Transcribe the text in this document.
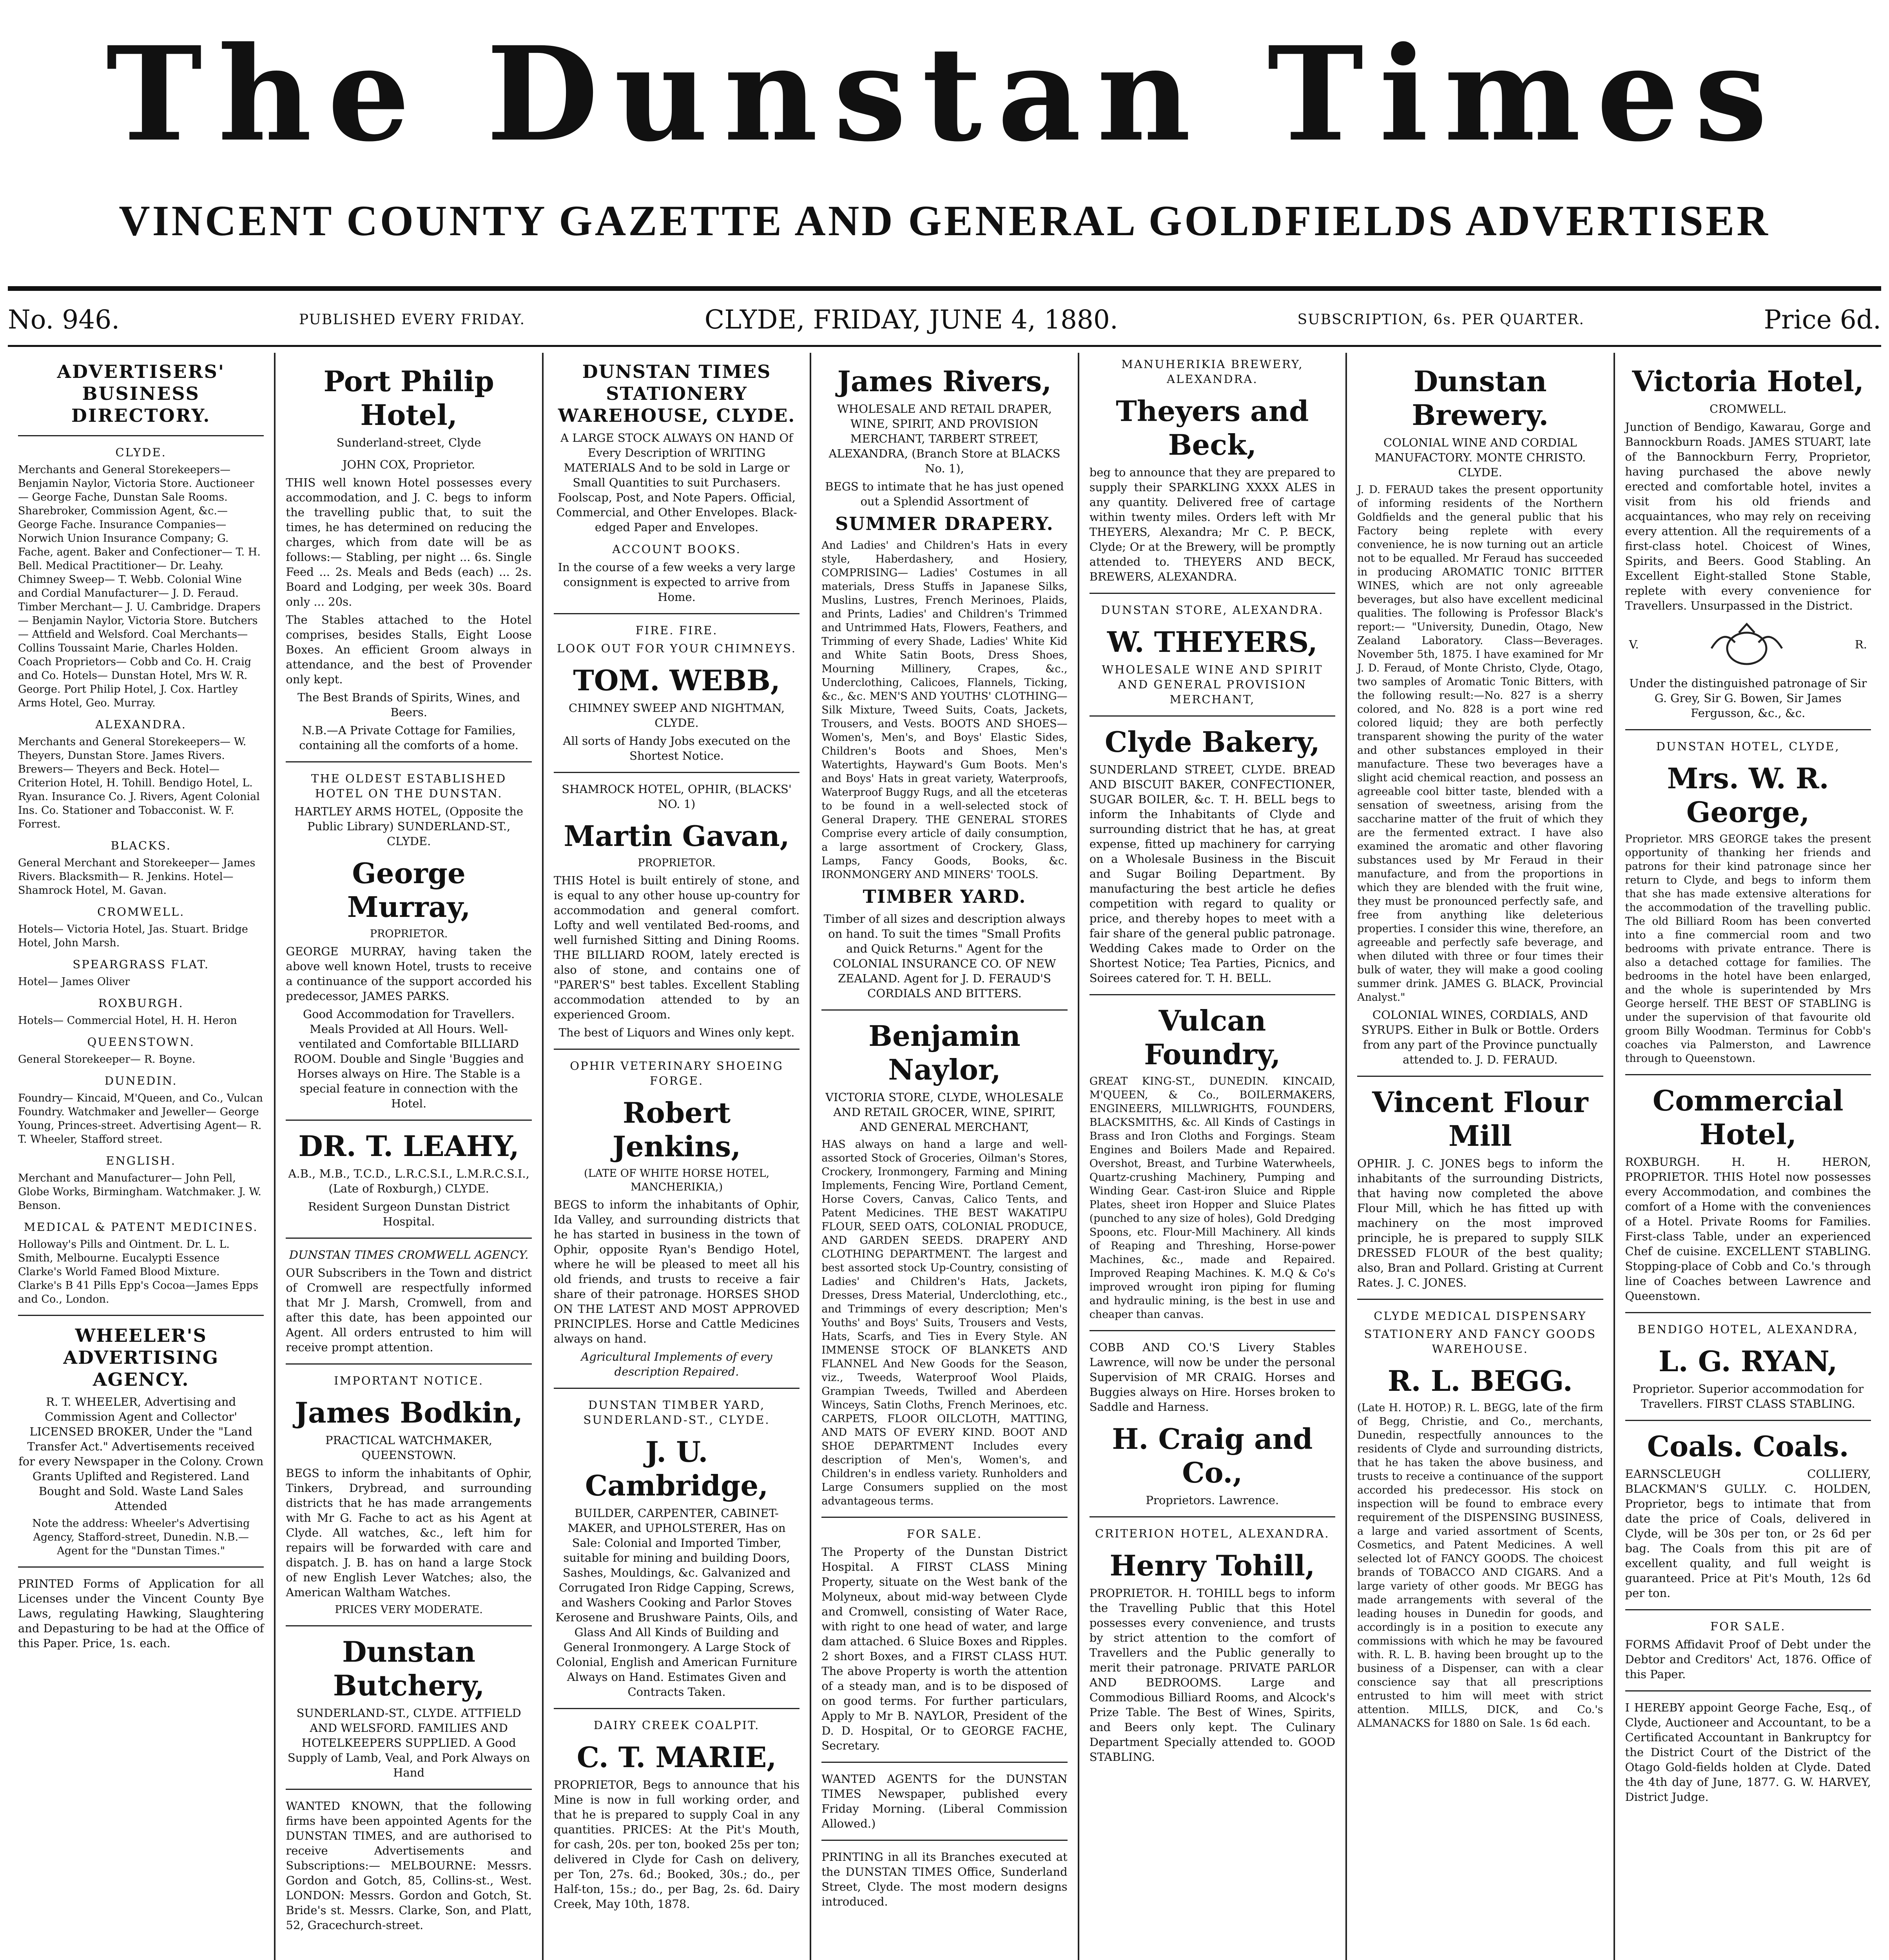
The Dunstan Times
VINCENT COUNTY GAZETTE AND GENERAL GOLDFIELDS ADVERTISER
No. 946.	PUBLISHED EVERY FRIDAY.	CLYDE, FRIDAY, JUNE 4, 1880.	SUBSCRIPTION, 6s. PER QUARTER.	Price 6d.
ADVERTISERS' BUSINESS DIRECTORY.
CLYDE.
Merchants and General Storekeepers— Benjamin Naylor, Victoria Store. Auctioneer— George Fache, Dunstan Sale Rooms. Sharebroker, Commission Agent, &c.— George Fache. Insurance Companies— Norwich Union Insurance Company; G. Fache, agent. Baker and Confectioner— T. H. Bell. Medical Practitioner— Dr. Leahy. Chimney Sweep— T. Webb. Colonial Wine and Cordial Manufacturer— J. D. Feraud. Timber Merchant— J. U. Cambridge. Drapers— Benjamin Naylor, Victoria Store. Butchers— Attfield and Welsford. Coal Merchants— Collins Toussaint Marie, Charles Holden. Coach Proprietors— Cobb and Co. H. Craig and Co. Hotels— Dunstan Hotel, Mrs W. R. George. Port Philip Hotel, J. Cox. Hartley Arms Hotel, Geo. Murray.
ALEXANDRA.
Merchants and General Storekeepers— W. Theyers, Dunstan Store. James Rivers. Brewers— Theyers and Beck. Hotel— Criterion Hotel, H. Tohill. Bendigo Hotel, L. Ryan. Insurance Co. J. Rivers, Agent Colonial Ins. Co. Stationer and Tobacconist. W. F. Forrest.
BLACKS.
General Merchant and Storekeeper— James Rivers. Blacksmith— R. Jenkins. Hotel— Shamrock Hotel, M. Gavan.
CROMWELL.
Hotels— Victoria Hotel, Jas. Stuart. Bridge Hotel, John Marsh.
SPEARGRASS FLAT.
Hotel— James Oliver
ROXBURGH.
Hotels— Commercial Hotel, H. H. Heron
QUEENSTOWN.
General Storekeeper— R. Boyne.
DUNEDIN.
Foundry— Kincaid, M'Queen, and Co., Vulcan Foundry. Watchmaker and Jeweller— George Young, Princes-street. Advertising Agent— R. T. Wheeler, Stafford street.
ENGLISH.
Merchant and Manufacturer— John Pell, Globe Works, Birmingham. Watchmaker. J. W. Benson.
MEDICAL & PATENT MEDICINES.
Holloway's Pills and Ointment. Dr. L. L. Smith, Melbourne. Eucalypti Essence Clarke's World Famed Blood Mixture. Clarke's B 41 Pills Epp's Cocoa—James Epps and Co., London.
WHEELER'S ADVERTISING AGENCY.
R. T. WHEELER, Advertising and Commission Agent and Collector' LICENSED BROKER, Under the "Land Transfer Act." Advertisements received for every Newspaper in the Colony. Crown Grants Uplifted and Registered. Land Bought and Sold. Waste Land Sales Attended
Note the address: Wheeler's Advertising Agency, Stafford-street, Dunedin. N.B.—Agent for the "Dunstan Times."
PRINTED Forms of Application for all Licenses under the Vincent County Bye Laws, regulating Hawking, Slaughtering and Depasturing to be had at the Office of this Paper. Price, 1s. each.
Port Philip Hotel,
Sunderland-street, Clyde
JOHN COX, Proprietor.
THIS well known Hotel possesses every accommodation, and J. C. begs to inform the travelling public that, to suit the times, he has determined on reducing the charges, which from date will be as follows:— Stabling, per night ... 6s. Single Feed ... 2s. Meals and Beds (each) ... 2s. Board and Lodging, per week 30s. Board only ... 20s.
The Stables attached to the Hotel comprises, besides Stalls, Eight Loose Boxes. An efficient Groom always in attendance, and the best of Provender only kept.
The Best Brands of Spirits, Wines, and Beers.
N.B.—A Private Cottage for Families, containing all the comforts of a home.
THE OLDEST ESTABLISHED HOTEL ON THE DUNSTAN.
HARTLEY ARMS HOTEL, (Opposite the Public Library) SUNDERLAND-ST., CLYDE.
George Murray,
PROPRIETOR.
GEORGE MURRAY, having taken the above well known Hotel, trusts to receive a continuance of the support accorded his predecessor, JAMES PARKS.
Good Accommodation for Travellers. Meals Provided at All Hours. Well-ventilated and Comfortable BILLIARD ROOM. Double and Single 'Buggies and Horses always on Hire. The Stable is a special feature in connection with the Hotel.
DR. T. LEAHY,
A.B., M.B., T.C.D., L.R.C.S.I., L.M.R.C.S.I., (Late of Roxburgh,) CLYDE.
Resident Surgeon Dunstan District Hospital.
DUNSTAN TIMES CROMWELL AGENCY.
OUR Subscribers in the Town and district of Cromwell are respectfully informed that Mr J. Marsh, Cromwell, from and after this date, has been appointed our Agent. All orders entrusted to him will receive prompt attention.
IMPORTANT NOTICE.
James Bodkin,
PRACTICAL WATCHMAKER, QUEENSTOWN.
BEGS to inform the inhabitants of Ophir, Tinkers, Drybread, and surrounding districts that he has made arrangements with Mr G. Fache to act as his Agent at Clyde. All watches, &c., left him for repairs will be forwarded with care and dispatch. J. B. has on hand a large Stock of new English Lever Watches; also, the American Waltham Watches.
PRICES VERY MODERATE.
Dunstan Butchery,
SUNDERLAND-ST., CLYDE. ATTFIELD AND WELSFORD. FAMILIES AND HOTELKEEPERS SUPPLIED. A Good Supply of Lamb, Veal, and Pork Always on Hand
WANTED KNOWN, that the following firms have been appointed Agents for the DUNSTAN TIMES, and are authorised to receive Advertisements and Subscriptions:— MELBOURNE: Messrs. Gordon and Gotch, 85, Collins-st., West. LONDON: Messrs. Gordon and Gotch, St. Bride's st. Messrs. Clarke, Son, and Platt, 52, Gracechurch-street.
DUNSTAN TIMES STATIONERY WAREHOUSE, CLYDE.
A LARGE STOCK ALWAYS ON HAND Of Every Description of WRITING MATERIALS And to be sold in Large or Small Quantities to suit Purchasers. Foolscap, Post, and Note Papers. Official, Commercial, and Other Envelopes. Black-edged Paper and Envelopes.
ACCOUNT BOOKS.
In the course of a few weeks a very large consignment is expected to arrive from Home.
FIRE. FIRE.
LOOK OUT FOR YOUR CHIMNEYS.
TOM. WEBB,
CHIMNEY SWEEP AND NIGHTMAN, CLYDE.
All sorts of Handy Jobs executed on the Shortest Notice.
SHAMROCK HOTEL, OPHIR, (BLACKS' NO. 1)
Martin Gavan,
PROPRIETOR.
THIS Hotel is built entirely of stone, and is equal to any other house up-country for accommodation and general comfort. Lofty and well ventilated Bed-rooms, and well furnished Sitting and Dining Rooms. THE BILLIARD ROOM, lately erected is also of stone, and contains one of "PARER'S" best tables. Excellent Stabling accommodation attended to by an experienced Groom.
The best of Liquors and Wines only kept.
OPHIR VETERINARY SHOEING FORGE.
Robert Jenkins,
(LATE OF WHITE HORSE HOTEL, MANCHERIKIA,)
BEGS to inform the inhabitants of Ophir, Ida Valley, and surrounding districts that he has started in business in the town of Ophir, opposite Ryan's Bendigo Hotel, where he will be pleased to meet all his old friends, and trusts to receive a fair share of their patronage. HORSES SHOD ON THE LATEST AND MOST APPROVED PRINCIPLES. Horse and Cattle Medicines always on hand.
Agricultural Implements of every description Repaired.
DUNSTAN TIMBER YARD, SUNDERLAND-ST., CLYDE.
J. U. Cambridge,
BUILDER, CARPENTER, CABINET-MAKER, and UPHOLSTERER, Has on Sale: Colonial and Imported Timber, suitable for mining and building Doors, Sashes, Mouldings, &c. Galvanized and Corrugated Iron Ridge Capping, Screws, and Washers Cooking and Parlor Stoves Kerosene and Brushware Paints, Oils, and Glass And All Kinds of Building and General Ironmongery. A Large Stock of Colonial, English and American Furniture Always on Hand. Estimates Given and Contracts Taken.
DAIRY CREEK COALPIT.
C. T. MARIE,
PROPRIETOR, Begs to announce that his Mine is now in full working order, and that he is prepared to supply Coal in any quantities. PRICES: At the Pit's Mouth, for cash, 20s. per ton, booked 25s per ton; delivered in Clyde for Cash on delivery, per Ton, 27s. 6d.; Booked, 30s.; do., per Half-ton, 15s.; do., per Bag, 2s. 6d. Dairy Creek, May 10th, 1878.
James Rivers,
WHOLESALE AND RETAIL DRAPER, WINE, SPIRIT, AND PROVISION MERCHANT, TARBERT STREET, ALEXANDRA, (Branch Store at BLACKS No. 1),
BEGS to intimate that he has just opened out a Splendid Assortment of
SUMMER DRAPERY.
And Ladies' and Children's Hats in every style, Haberdashery, and Hosiery, COMPRISING— Ladies' Costumes in all materials, Dress Stuffs in Japanese Silks, Muslins, Lustres, French Merinoes, Plaids, and Prints, Ladies' and Children's Trimmed and Untrimmed Hats, Flowers, Feathers, and Trimming of every Shade, Ladies' White Kid and White Satin Boots, Dress Shoes, Mourning Millinery, Crapes, &c., Underclothing, Calicoes, Flannels, Ticking, &c., &c. MEN'S AND YOUTHS' CLOTHING— Silk Mixture, Tweed Suits, Coats, Jackets, Trousers, and Vests. BOOTS AND SHOES— Women's, Men's, and Boys' Elastic Sides, Children's Boots and Shoes, Men's Watertights, Hayward's Gum Boots. Men's and Boys' Hats in great variety, Waterproofs, Waterproof Buggy Rugs, and all the etceteras to be found in a well-selected stock of General Drapery. THE GENERAL STORES Comprise every article of daily consumption, a large assortment of Crockery, Glass, Lamps, Fancy Goods, Books, &c. IRONMONGERY AND MINERS' TOOLS.
TIMBER YARD.
Timber of all sizes and description always on hand. To suit the times "Small Profits and Quick Returns." Agent for the COLONIAL INSURANCE CO. OF NEW ZEALAND. Agent for J. D. FERAUD'S CORDIALS AND BITTERS.
Benjamin Naylor,
VICTORIA STORE, CLYDE, WHOLESALE AND RETAIL GROCER, WINE, SPIRIT, AND GENERAL MERCHANT,
HAS always on hand a large and well-assorted Stock of Groceries, Oilman's Stores, Crockery, Ironmongery, Farming and Mining Implements, Fencing Wire, Portland Cement, Horse Covers, Canvas, Calico Tents, and Patent Medicines. THE BEST WAKATIPU FLOUR, SEED OATS, COLONIAL PRODUCE, AND GARDEN SEEDS. DRAPERY AND CLOTHING DEPARTMENT. The largest and best assorted stock Up-Country, consisting of Ladies' and Children's Hats, Jackets, Dresses, Dress Material, Underclothing, etc., and Trimmings of every description; Men's Youths' and Boys' Suits, Trousers and Vests, Hats, Scarfs, and Ties in Every Style. AN IMMENSE STOCK OF BLANKETS AND FLANNEL And New Goods for the Season, viz., Tweeds, Waterproof Wool Plaids, Grampian Tweeds, Twilled and Aberdeen Winceys, Satin Cloths, French Merinoes, etc. CARPETS, FLOOR OILCLOTH, MATTING, AND MATS OF EVERY KIND. BOOT AND SHOE DEPARTMENT Includes every description of Men's, Women's, and Children's in endless variety. Runholders and Large Consumers supplied on the most advantageous terms.
FOR SALE.
The Property of the Dunstan District Hospital. A FIRST CLASS Mining Property, situate on the West bank of the Molyneux, about mid-way between Clyde and Cromwell, consisting of Water Race, with right to one head of water, and large dam attached. 6 Sluice Boxes and Ripples. 2 short Boxes, and a FIRST CLASS HUT. The above Property is worth the attention of a steady man, and is to be disposed of on good terms. For further particulars, Apply to Mr B. NAYLOR, President of the D. D. Hospital, Or to GEORGE FACHE, Secretary.
WANTED AGENTS for the DUNSTAN TIMES Newspaper, published every Friday Morning. (Liberal Commission Allowed.)
PRINTING in all its Branches executed at the DUNSTAN TIMES Office, Sunderland Street, Clyde. The most modern designs introduced.
MANUHERIKIA BREWERY, ALEXANDRA.
Theyers and Beck,
beg to announce that they are prepared to supply their SPARKLING XXXX ALES in any quantity. Delivered free of cartage within twenty miles. Orders left with Mr THEYERS, Alexandra; Mr C. P. BECK, Clyde; Or at the Brewery, will be promptly attended to. THEYERS AND BECK, BREWERS, ALEXANDRA.
DUNSTAN STORE, ALEXANDRA.
W. THEYERS,
WHOLESALE WINE AND SPIRIT AND GENERAL PROVISION MERCHANT,
Clyde Bakery,
SUNDERLAND STREET, CLYDE. BREAD AND BISCUIT BAKER, CONFECTIONER, SUGAR BOILER, &c. T. H. BELL begs to inform the Inhabitants of Clyde and surrounding district that he has, at great expense, fitted up machinery for carrying on a Wholesale Business in the Biscuit and Sugar Boiling Department. By manufacturing the best article he defies competition with regard to quality or price, and thereby hopes to meet with a fair share of the general public patronage. Wedding Cakes made to Order on the Shortest Notice; Tea Parties, Picnics, and Soirees catered for. T. H. BELL.
Vulcan Foundry,
GREAT KING-ST., DUNEDIN. KINCAID, M'QUEEN, & Co., BOILERMAKERS, ENGINEERS, MILLWRIGHTS, FOUNDERS, BLACKSMITHS, &c. All Kinds of Castings in Brass and Iron Cloths and Forgings. Steam Engines and Boilers Made and Repaired. Overshot, Breast, and Turbine Waterwheels, Quartz-crushing Machinery, Pumping and Winding Gear. Cast-iron Sluice and Ripple Plates, sheet iron Hopper and Sluice Plates (punched to any size of holes), Gold Dredging Spoons, etc. Flour-Mill Machinery. All kinds of Reaping and Threshing, Horse-power Machines, &c., made and Repaired. Improved Reaping Machines. K. M.Q & Co's improved wrought iron piping for fluming and hydraulic mining, is the best in use and cheaper than canvas.
COBB AND CO.'S Livery Stables Lawrence, will now be under the personal Supervision of MR CRAIG. Horses and Buggies always on Hire. Horses broken to Saddle and Harness.
H. Craig and Co.,
Proprietors. Lawrence.
CRITERION HOTEL, ALEXANDRA.
Henry Tohill,
PROPRIETOR. H. TOHILL begs to inform the Travelling Public that this Hotel possesses every convenience, and trusts by strict attention to the comfort of Travellers and the Public generally to merit their patronage. PRIVATE PARLOR AND BEDROOMS. Large and Commodious Billiard Rooms, and Alcock's Prize Table. The Best of Wines, Spirits, and Beers only kept. The Culinary Department Specially attended to. GOOD STABLING.
Dunstan Brewery.
COLONIAL WINE AND CORDIAL MANUFACTORY. MONTE CHRISTO. CLYDE.
J. D. FERAUD takes the present opportunity of informing residents of the Northern Goldfields and the general public that his Factory being replete with every convenience, he is now turning out an article not to be equalled. Mr Feraud has succeeded in producing AROMATIC TONIC BITTER WINES, which are not only agreeable beverages, but also have excellent medicinal qualities. The following is Professor Black's report:— "University, Dunedin, Otago, New Zealand Laboratory. Class—Beverages. November 5th, 1875. I have examined for Mr J. D. Feraud, of Monte Christo, Clyde, Otago, two samples of Aromatic Tonic Bitters, with the following result:—No. 827 is a sherry colored, and No. 828 is a port wine red colored liquid; they are both perfectly transparent showing the purity of the water and other substances employed in their manufacture. These two beverages have a slight acid chemical reaction, and possess an agreeable cool bitter taste, blended with a sensation of sweetness, arising from the saccharine matter of the fruit of which they are the fermented extract. I have also examined the aromatic and other flavoring substances used by Mr Feraud in their manufacture, and from the proportions in which they are blended with the fruit wine, they must be pronounced perfectly safe, and free from anything like deleterious properties. I consider this wine, therefore, an agreeable and perfectly safe beverage, and when diluted with three or four times their bulk of water, they will make a good cooling summer drink. JAMES G. BLACK, Provincial Analyst."
COLONIAL WINES, CORDIALS, AND SYRUPS. Either in Bulk or Bottle. Orders from any part of the Province punctually attended to. J. D. FERAUD.
Vincent Flour Mill
OPHIR. J. C. JONES begs to inform the inhabitants of the surrounding Districts, that having now completed the above Flour Mill, which he has fitted up with machinery on the most improved principle, he is prepared to supply SILK DRESSED FLOUR of the best quality; also, Bran and Pollard. Gristing at Current Rates. J. C. JONES.
CLYDE MEDICAL DISPENSARY
STATIONERY AND FANCY GOODS WAREHOUSE.
R. L. BEGG.
(Late H. HOTOP.) R. L. BEGG, late of the firm of Begg, Christie, and Co., merchants, Dunedin, respectfully announces to the residents of Clyde and surrounding districts, that he has taken the above business, and trusts to receive a continuance of the support accorded his predecessor. His stock on inspection will be found to embrace every requirement of the DISPENSING BUSINESS, a large and varied assortment of Scents, Cosmetics, and Patent Medicines. A well selected lot of FANCY GOODS. The choicest brands of TOBACCO AND CIGARS. And a large variety of other goods. Mr BEGG has made arrangements with several of the leading houses in Dunedin for goods, and accordingly is in a position to execute any commissions with which he may be favoured with. R. L. B. having been brought up to the business of a Dispenser, can with a clear conscience say that all prescriptions entrusted to him will meet with strict attention. MILLS, DICK, and Co.'s ALMANACKS for 1880 on Sale. 1s 6d each.
Victoria Hotel,
CROMWELL.
Junction of Bendigo, Kawarau, Gorge and Bannockburn Roads. JAMES STUART, late of the Bannockburn Ferry, Proprietor, having purchased the above newly erected and comfortable hotel, invites a visit from his old friends and acquaintances, who may rely on receiving every attention. All the requirements of a first-class hotel. Choicest of Wines, Spirits, and Beers. Good Stabling. An Excellent Eight-stalled Stone Stable, replete with every convenience for Travellers. Unsurpassed in the District.
V.	R.
Under the distinguished patronage of Sir G. Grey, Sir G. Bowen, Sir James Fergusson, &c., &c.
DUNSTAN HOTEL, CLYDE,
Mrs. W. R. George,
Proprietor. MRS GEORGE takes the present opportunity of thanking her friends and patrons for their kind patronage since her return to Clyde, and begs to inform them that she has made extensive alterations for the accommodation of the travelling public. The old Billiard Room has been converted into a fine commercial room and two bedrooms with private entrance. There is also a detached cottage for families. The bedrooms in the hotel have been enlarged, and the whole is superintended by Mrs George herself. THE BEST OF STABLING is under the supervision of that favourite old groom Billy Woodman. Terminus for Cobb's coaches via Palmerston, and Lawrence through to Queenstown.
Commercial Hotel,
ROXBURGH. H. H. HERON, PROPRIETOR. THIS Hotel now possesses every Accommodation, and combines the comfort of a Home with the conveniences of a Hotel. Private Rooms for Families. First-class Table, under an experienced Chef de cuisine. EXCELLENT STABLING. Stopping-place of Cobb and Co.'s through line of Coaches between Lawrence and Queenstown.
BENDIGO HOTEL, ALEXANDRA,
L. G. RYAN,
Proprietor. Superior accommodation for Travellers. FIRST CLASS STABLING.
Coals. Coals.
EARNSCLEUGH COLLIERY, BLACKMAN'S GULLY. C. HOLDEN, Proprietor, begs to intimate that from date the price of Coals, delivered in Clyde, will be 30s per ton, or 2s 6d per bag. The Coals from this pit are of excellent quality, and full weight is guaranteed. Price at Pit's Mouth, 12s 6d per ton.
FOR SALE.
FORMS Affidavit Proof of Debt under the Debtor and Creditors' Act, 1876. Office of this Paper.
I HEREBY appoint George Fache, Esq., of Clyde, Auctioneer and Accountant, to be a Certificated Accountant in Bankruptcy for the District Court of the District of the Otago Gold-fields holden at Clyde. Dated the 4th day of June, 1877. G. W. HARVEY, District Judge.
